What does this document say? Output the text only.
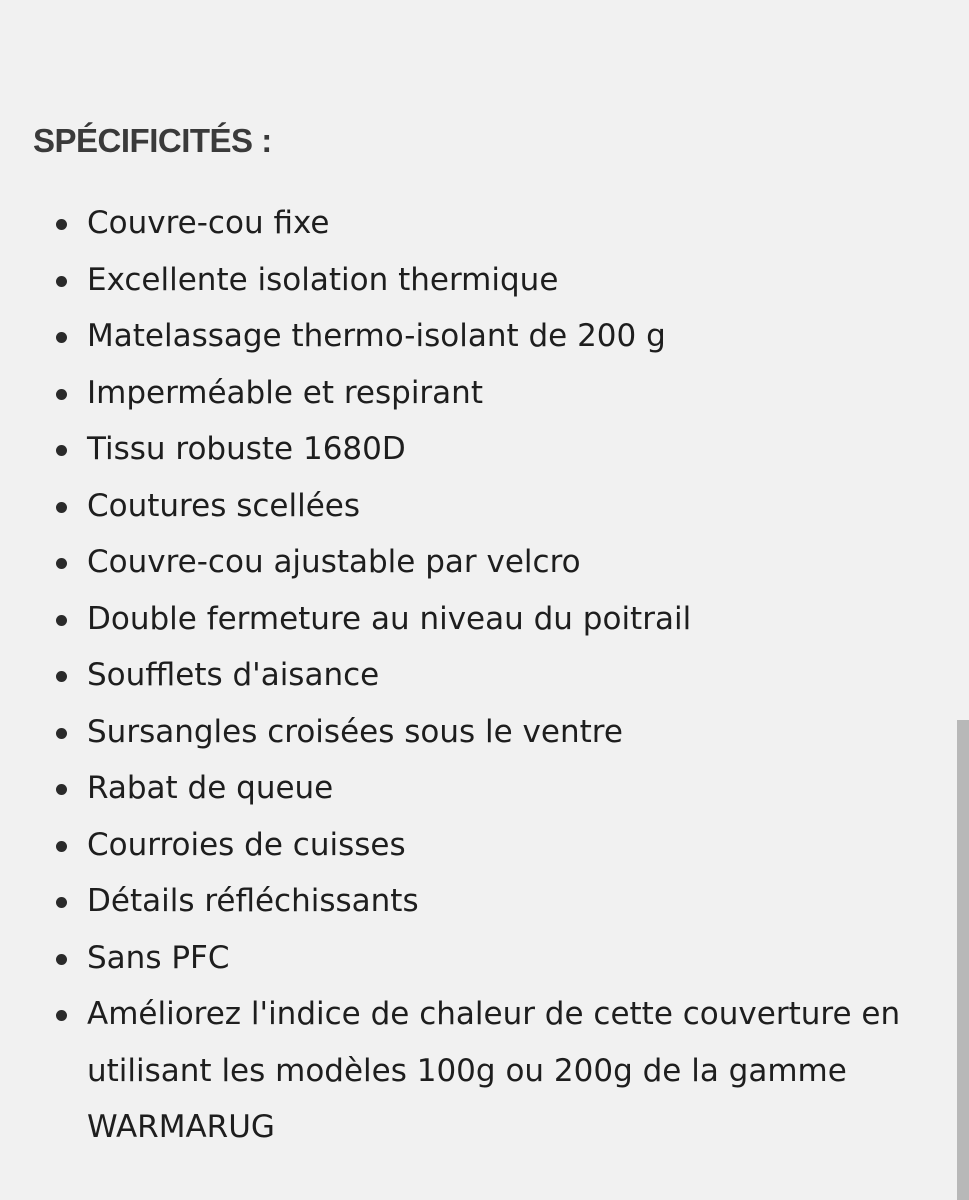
SPÉCIFICITÉS :
Couvre-cou fixe
Excellente isolation thermique
Matelassage thermo-isolant de 200 g
Imperméable et respirant
Tissu robuste 1680D
Coutures scellées
Couvre-cou ajustable par velcro
Double fermeture au niveau du poitrail
Soufflets d'aisance
Sursangles croisées sous le ventre
Rabat de queue
Courroies de cuisses
Détails réfléchissants
Sans PFC
Améliorez l'indice de chaleur de cette couverture en utilisant les modèles 100g ou 200g de la gamme WARMARUG
